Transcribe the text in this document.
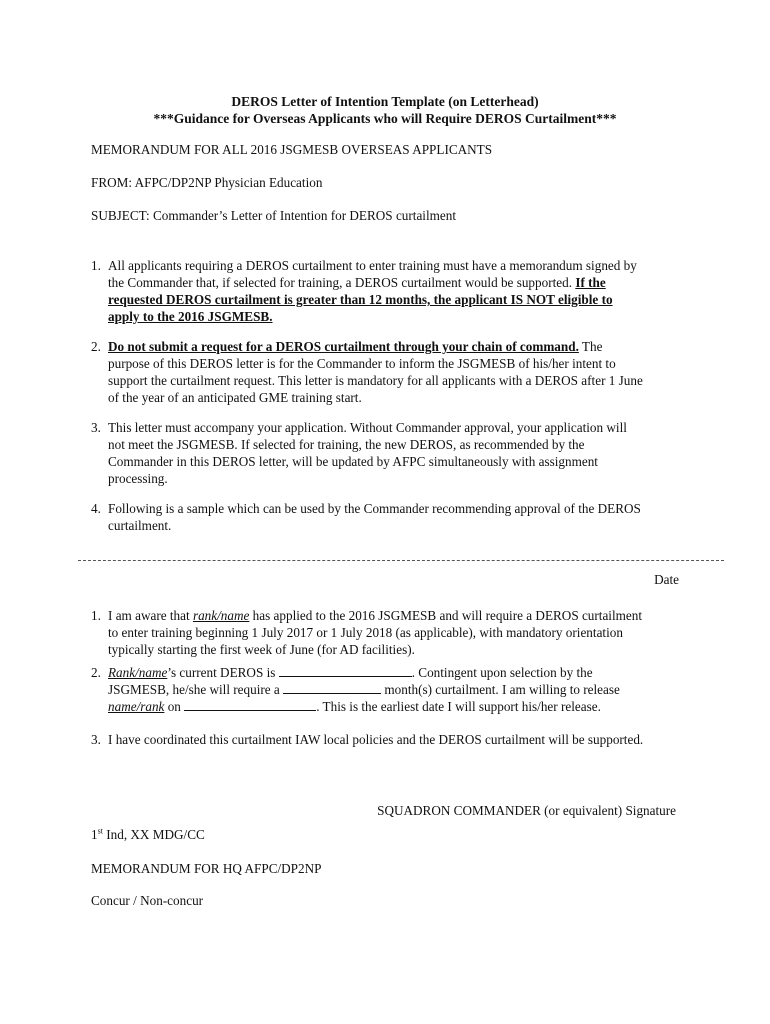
DEROS Letter of Intention Template (on Letterhead)
***Guidance for Overseas Applicants who will Require DEROS Curtailment***
MEMORANDUM FOR ALL 2016 JSGMESB OVERSEAS APPLICANTS
FROM: AFPC/DP2NP Physician Education
SUBJECT: Commander’s Letter of Intention for DEROS curtailment
1. All applicants requiring a DEROS curtailment to enter training must have a memorandum signed by
the Commander that, if selected for training, a DEROS curtailment would be supported. If the
requested DEROS curtailment is greater than 12 months, the applicant IS NOT eligible to
apply to the 2016 JSGMESB.
2. Do not submit a request for a DEROS curtailment through your chain of command. The
purpose of this DEROS letter is for the Commander to inform the JSGMESB of his/her intent to
support the curtailment request. This letter is mandatory for all applicants with a DEROS after 1 June
of the year of an anticipated GME training start.
3. This letter must accompany your application. Without Commander approval, your application will
not meet the JSGMESB. If selected for training, the new DEROS, as recommended by the
Commander in this DEROS letter, will be updated by AFPC simultaneously with assignment
processing.
4. Following is a sample which can be used by the Commander recommending approval of the DEROS
curtailment.
Date
1. I am aware that rank/name has applied to the 2016 JSGMESB and will require a DEROS curtailment
to enter training beginning 1 July 2017 or 1 July 2018 (as applicable), with mandatory orientation
typically starting the first week of June (for AD facilities).
2. Rank/name’s current DEROS is	. Contingent upon selection by the
JSGMESB, he/she will require a	month(s) curtailment. I am willing to release
name/rank on	. This is the earliest date I will support his/her release.
3. I have coordinated this curtailment IAW local policies and the DEROS curtailment will be supported.
SQUADRON COMMANDER (or equivalent) Signature
1st Ind, XX MDG/CC
MEMORANDUM FOR HQ AFPC/DP2NP
Concur / Non-concur
